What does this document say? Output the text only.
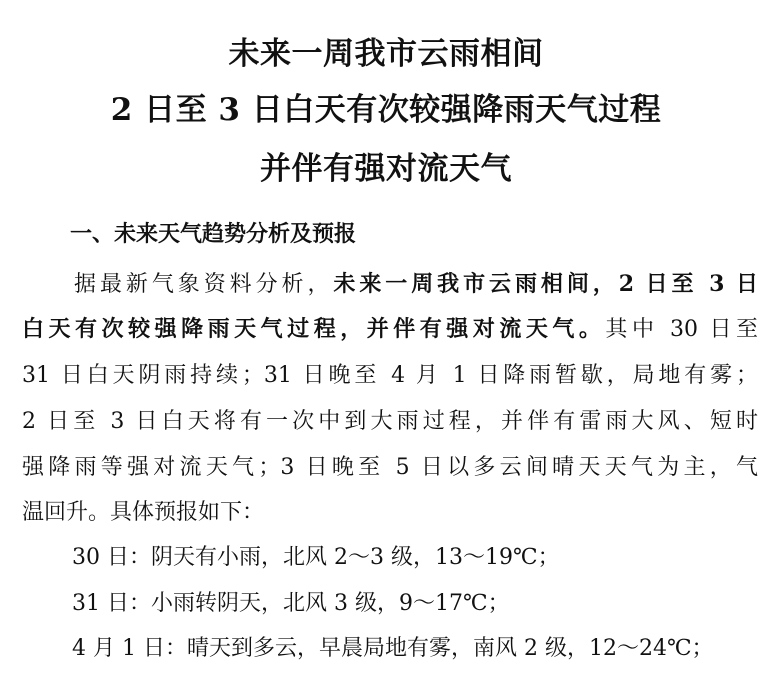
未来一周我市云雨相间
2 日至 3 日白天有次较强降雨天气过程
并伴有强对流天气
一、未来天气趋势分析及预报
据最新气象资料分析，未来一周我市云雨相间，2 日至 3 日
白天有次较强降雨天气过程，并伴有强对流天气。其中 30 日至
31 日白天阴雨持续；31 日晚至 4 月 1 日降雨暂歇，局地有雾；
2 日至 3 日白天将有一次中到大雨过程，并伴有雷雨大风、短时
强降雨等强对流天气；3 日晚至 5 日以多云间晴天天气为主，气
温回升。具体预报如下：
30 日：阴天有小雨，北风 2～3 级，13～19℃；
31 日：小雨转阴天，北风 3 级，9～17℃；
4 月 1 日：晴天到多云，早晨局地有雾，南风 2 级，12～24℃；
